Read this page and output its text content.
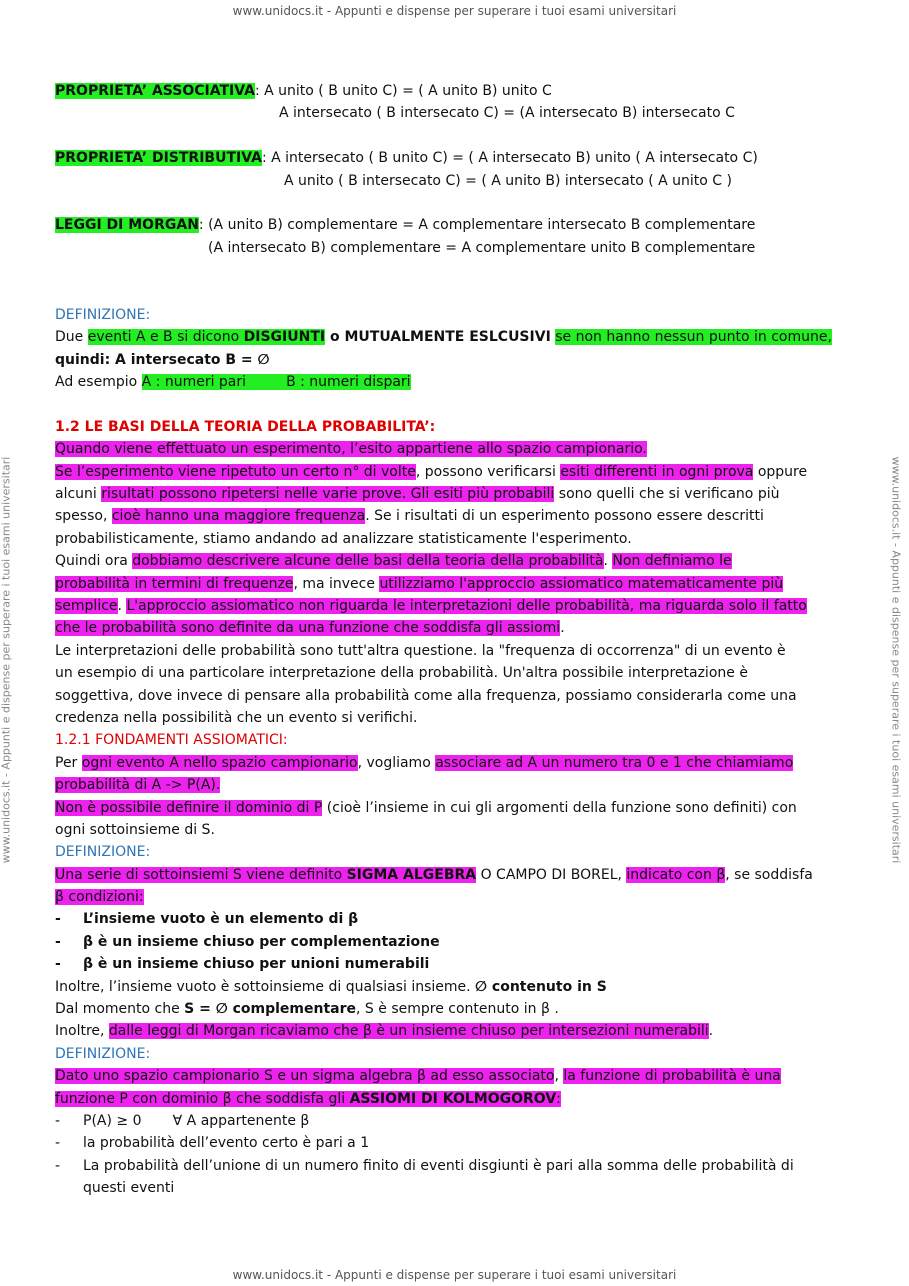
www.unidocs.it - Appunti e dispense per superare i tuoi esami universitari
www.unidocs.it - Appunti e dispense per superare i tuoi esami universitari	www.unidocs.it - Appunti e dispense per superare i tuoi esami universitari
PROPRIETA’ ASSOCIATIVA: A unito ( B unito C) = ( A unito B) unito C
A intersecato ( B intersecato C) = (A intersecato B) intersecato C
PROPRIETA’ DISTRIBUTIVA: A intersecato ( B unito C) = ( A intersecato B) unito ( A intersecato C)
A unito ( B intersecato C) = ( A unito B) intersecato ( A unito C )
LEGGI DI MORGAN: (A unito B) complementare = A complementare intersecato B complementare
(A intersecato B) complementare = A complementare unito B complementare
DEFINIZIONE:
Due eventi A e B si dicono DISGIUNTI o MUTUALMENTE ESLCUSIVI se non hanno nessun punto in comune,
quindi: A intersecato B = ∅
Ad esempio A : numeri pari         B : numeri dispari
1.2 LE BASI DELLA TEORIA DELLA PROBABILITA’:
Quando viene effettuato un esperimento, l’esito appartiene allo spazio campionario.
Se l’esperimento viene ripetuto un certo n° di volte, possono verificarsi esiti differenti in ogni prova oppure
alcuni risultati possono ripetersi nelle varie prove. Gli esiti più probabili sono quelli che si verificano più
spesso, cioè hanno una maggiore frequenza. Se i risultati di un esperimento possono essere descritti
probabilisticamente, stiamo andando ad analizzare statisticamente l'esperimento.
Quindi ora dobbiamo descrivere alcune delle basi della teoria della probabilità. Non definiamo le
probabilità in termini di frequenze, ma invece utilizziamo l'approccio assiomatico matematicamente più
semplice. L'approccio assiomatico non riguarda le interpretazioni delle probabilità, ma riguarda solo il fatto
che le probabilità sono definite da una funzione che soddisfa gli assiomi.
Le interpretazioni delle probabilità sono tutt'altra questione. la "frequenza di occorrenza" di un evento è
un esempio di una particolare interpretazione della probabilità. Un'altra possibile interpretazione è
soggettiva, dove invece di pensare alla probabilità come alla frequenza, possiamo considerarla come una
credenza nella possibilità che un evento si verifichi.
1.2.1 FONDAMENTI ASSIOMATICI:
Per ogni evento A nello spazio campionario, vogliamo associare ad A un numero tra 0 e 1 che chiamiamo
probabilità di A -> P(A).
Non è possibile definire il dominio di P (cioè l’insieme in cui gli argomenti della funzione sono definiti) con
ogni sottoinsieme di S.
DEFINIZIONE:
Una serie di sottoinsiemi S viene definito SIGMA ALGEBRA O CAMPO DI BOREL, indicato con β, se soddisfa
β condizioni:
- L’insieme vuoto è un elemento di β
- β è un insieme chiuso per complementazione
- β è un insieme chiuso per unioni numerabili
Inoltre, l’insieme vuoto è sottoinsieme di qualsiasi insieme. ∅ contenuto in S
Dal momento che S = ∅ complementare, S è sempre contenuto in β .
Inoltre, dalle leggi di Morgan ricaviamo che β è un insieme chiuso per intersezioni numerabili.
DEFINIZIONE:
Dato uno spazio campionario S e un sigma algebra β ad esso associato, la funzione di probabilità è una
funzione P con dominio β che soddisfa gli ASSIOMI DI KOLMOGOROV:
- P(A) ≥ 0       ∀ A appartenente β
- la probabilità dell’evento certo è pari a 1
- La probabilità dell’unione di un numero finito di eventi disgiunti è pari alla somma delle probabilità di
questi eventi
www.unidocs.it - Appunti e dispense per superare i tuoi esami universitari
